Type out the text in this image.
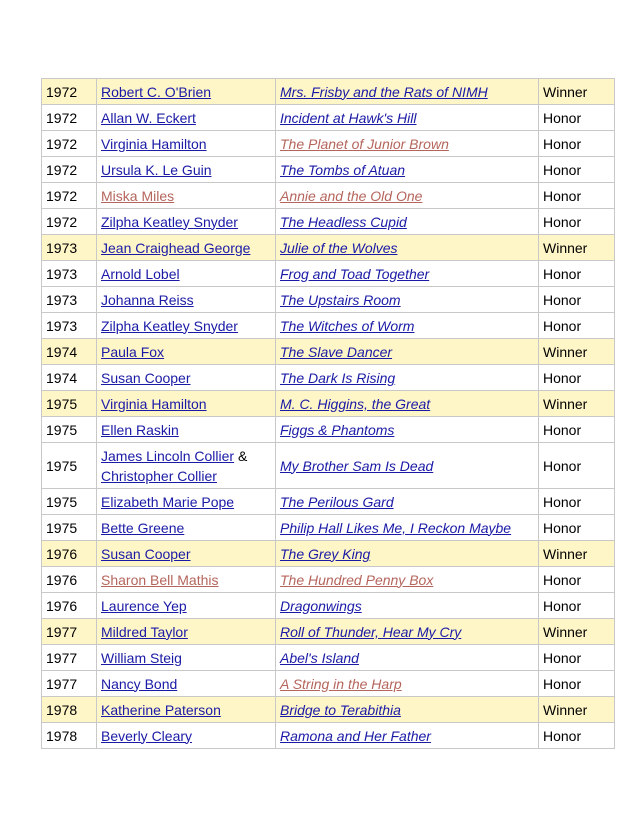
1972	Robert C. O'Brien	Mrs. Frisby and the Rats of NIMH	Winner
1972	Allan W. Eckert	Incident at Hawk's Hill	Honor
1972	Virginia Hamilton	The Planet of Junior Brown	Honor
1972	Ursula K. Le Guin	The Tombs of Atuan	Honor
1972	Miska Miles	Annie and the Old One	Honor
1972	Zilpha Keatley Snyder	The Headless Cupid	Honor
1973	Jean Craighead George	Julie of the Wolves	Winner
1973	Arnold Lobel	Frog and Toad Together	Honor
1973	Johanna Reiss	The Upstairs Room	Honor
1973	Zilpha Keatley Snyder	The Witches of Worm	Honor
1974	Paula Fox	The Slave Dancer	Winner
1974	Susan Cooper	The Dark Is Rising	Honor
1975	Virginia Hamilton	M. C. Higgins, the Great	Winner
1975	Ellen Raskin	Figgs & Phantoms	Honor
1975	James Lincoln Collier & Christopher Collier	My Brother Sam Is Dead	Honor
1975	Elizabeth Marie Pope	The Perilous Gard	Honor
1975	Bette Greene	Philip Hall Likes Me, I Reckon Maybe	Honor
1976	Susan Cooper	The Grey King	Winner
1976	Sharon Bell Mathis	The Hundred Penny Box	Honor
1976	Laurence Yep	Dragonwings	Honor
1977	Mildred Taylor	Roll of Thunder, Hear My Cry	Winner
1977	William Steig	Abel's Island	Honor
1977	Nancy Bond	A String in the Harp	Honor
1978	Katherine Paterson	Bridge to Terabithia	Winner
1978	Beverly Cleary	Ramona and Her Father	Honor
